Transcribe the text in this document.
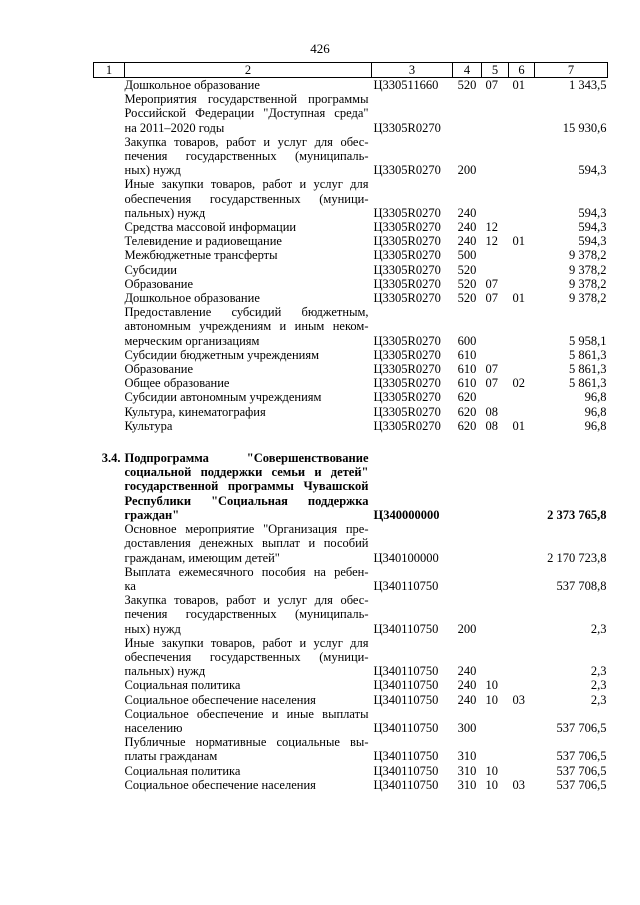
426
1	2	3	4	5	6	7

	Дошкольное образование	Ц330511660	520	07	01	1 343,5

	Мероприятия государственной программы
Российской Федерации "Доступная среда"
на 2011–2020 годы	Ц3305R0270				15 930,6

	Закупка товаров, работ и услуг для обес-
печения государственных (муниципаль-
ных) нужд	Ц3305R0270	200			594,3

	Иные закупки товаров, работ и услуг для
обеспечения государственных (муници-
пальных) нужд	Ц3305R0270	240			594,3

	Средства массовой информации	Ц3305R0270	240	12		594,3

	Телевидение и радиовещание	Ц3305R0270	240	12	01	594,3

	Межбюджетные трансферты	Ц3305R0270	500			9 378,2

	Субсидии	Ц3305R0270	520			9 378,2

	Образование	Ц3305R0270	520	07		9 378,2

	Дошкольное образование	Ц3305R0270	520	07	01	9 378,2

	Предоставление субсидий бюджетным,
автономным учреждениям и иным неком-
мерческим организациям	Ц3305R0270	600			5 958,1

	Субсидии бюджетным учреждениям	Ц3305R0270	610			5 861,3

	Образование	Ц3305R0270	610	07		5 861,3

	Общее образование	Ц3305R0270	610	07	02	5 861,3

	Субсидии автономным учреждениям	Ц3305R0270	620			96,8

	Культура, кинематография	Ц3305R0270	620	08		96,8

	Культура	Ц3305R0270	620	08	01	96,8

3.4.	Подпрограмма "Совершенствование
социальной поддержки семьи и детей"
государственной программы Чувашской
Республики "Социальная поддержка
граждан"	Ц340000000				2 373 765,8

	Основное мероприятие "Организация пре-
доставления денежных выплат и пособий
гражданам, имеющим детей"	Ц340100000				2 170 723,8

	Выплата ежемесячного пособия на ребен-
ка	Ц340110750				537 708,8

	Закупка товаров, работ и услуг для обес-
печения государственных (муниципаль-
ных) нужд	Ц340110750	200			2,3

	Иные закупки товаров, работ и услуг для
обеспечения государственных (муници-
пальных) нужд	Ц340110750	240			2,3

	Социальная политика	Ц340110750	240	10		2,3

	Социальное обеспечение населения	Ц340110750	240	10	03	2,3

	Социальное обеспечение и иные выплаты
населению	Ц340110750	300			537 706,5

	Публичные нормативные социальные вы-
платы гражданам	Ц340110750	310			537 706,5

	Социальная политика	Ц340110750	310	10		537 706,5

	Социальное обеспечение населения	Ц340110750	310	10	03	537 706,5
